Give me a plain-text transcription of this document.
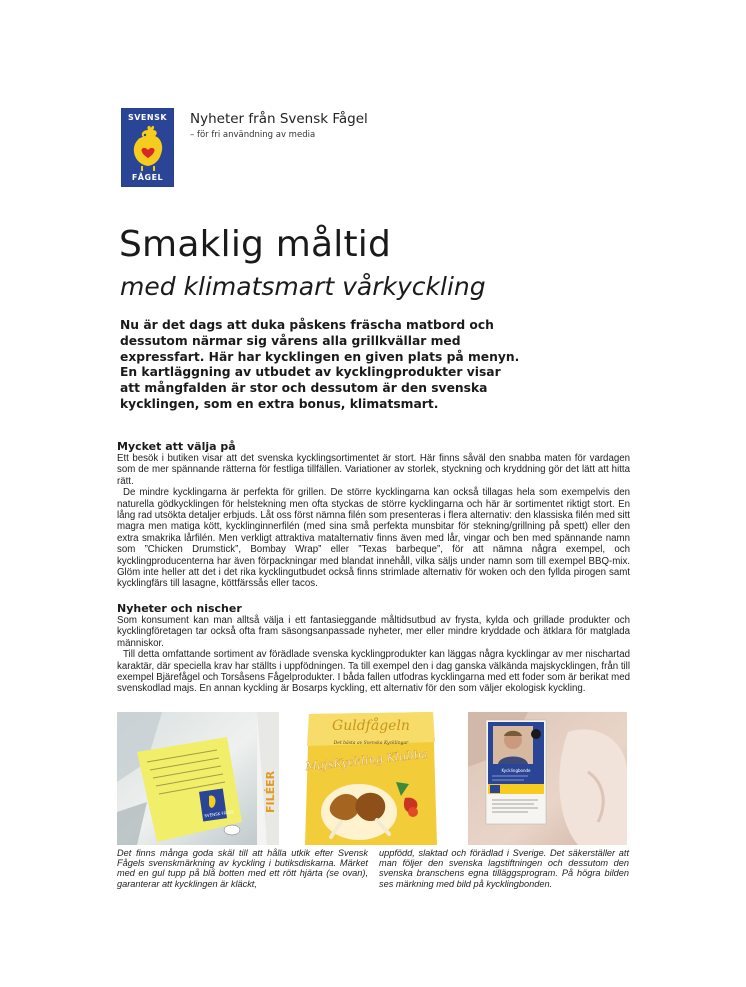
SVENSK
FÅGEL
Nyheter från Svensk Fågel
– för fri användning av media
Smaklig måltid
med klimatsmart vårkyckling

Nu är det dags att duka påskens fräscha matbord och dessutom närmar sig vårens alla grillkvällar med expressfart. Här har kycklingen en given plats på menyn.

En kartläggning av utbudet av kycklingprodukter visar att mångfalden är stor och dessutom är den svenska kycklingen, som en extra bonus, klimatsmart.

Mycket att välja på

Ett besök i butiken visar att det svenska kycklingsortimentet är stort. Här finns såväl den snabba maten för vardagen som de mer spännande rätterna för festliga tillfällen. Variationer av storlek, styckning och kryddning gör det lätt att hitta rätt.

De mindre kycklingarna är perfekta för grillen. De större kycklingarna kan också tillagas hela som exempelvis den naturella gödkycklingen för helstekning men ofta styckas de större kycklingarna och här är sortimentet riktigt stort. En lång rad utsökta detaljer erbjuds. Låt oss först nämna filén som presenteras i flera alternativ: den klassiska filén med sitt magra men matiga kött, kycklinginnerfilén (med sina små perfekta munsbitar för stekning/grillning på spett) eller den extra smakrika lårfilén. Men verkligt attraktiva matalternativ finns även med lår, vingar och ben med spännande namn som ”Chicken Drumstick”, Bombay Wrap” eller ”Texas barbeque”, för att nämna några exempel, och kycklingproducenterna har även förpackningar med blandat innehåll, vilka säljs under namn som till exempel BBQ-mix. Glöm inte heller att det i det rika kycklingutbudet också finns strimlade alternativ för woken och den fyllda pirogen samt kycklingfärs till lasagne, köttfärssås eller tacos.

Nyheter och nischer

Som konsument kan man alltså välja i ett fantasieggande måltidsutbud av frysta, kylda och grillade produkter och kycklingföretagen tar också ofta fram säsongsanpassade nyheter, mer eller mindre kryddade och ätklara för matglada människor.

Till detta omfattande sortiment av förädlade svenska kycklingprodukter kan läggas några kycklingar av mer nischartad karaktär, där speciella krav har ställts i uppfödningen. Ta till exempel den i dag ganska välkända majskycklingen, från till exempel Bjärefågel och Torsåsens Fågelprodukter. I båda fallen utfodras kycklingarna med ett foder som är berikat med svenskodlad majs. En annan kyckling är Bosarps kyckling, ett alternativ för den som väljer ekologisk kyckling.

SVENSK FÅGEL
FILÉER
Guldfågeln
Det bästa av Svenska Kycklingar
MajsKyckling Klubba	Kycklingbonde
Det finns många goda skäl till att hålla utkik efter Svensk Fågels svenskmärkning av kyckling i butiksdiskarna. Märket med en gul tupp på blå botten med ett rött hjärta (se ovan), garanterar att kycklingen är kläckt,
uppfödd, slaktad och förädlad i Sverige. Det säkerställer att man följer den svenska lagstiftningen och dessutom den svenska branschens egna tilläggsprogram. På högra bilden ses märkning med bild på kycklingbonden.
